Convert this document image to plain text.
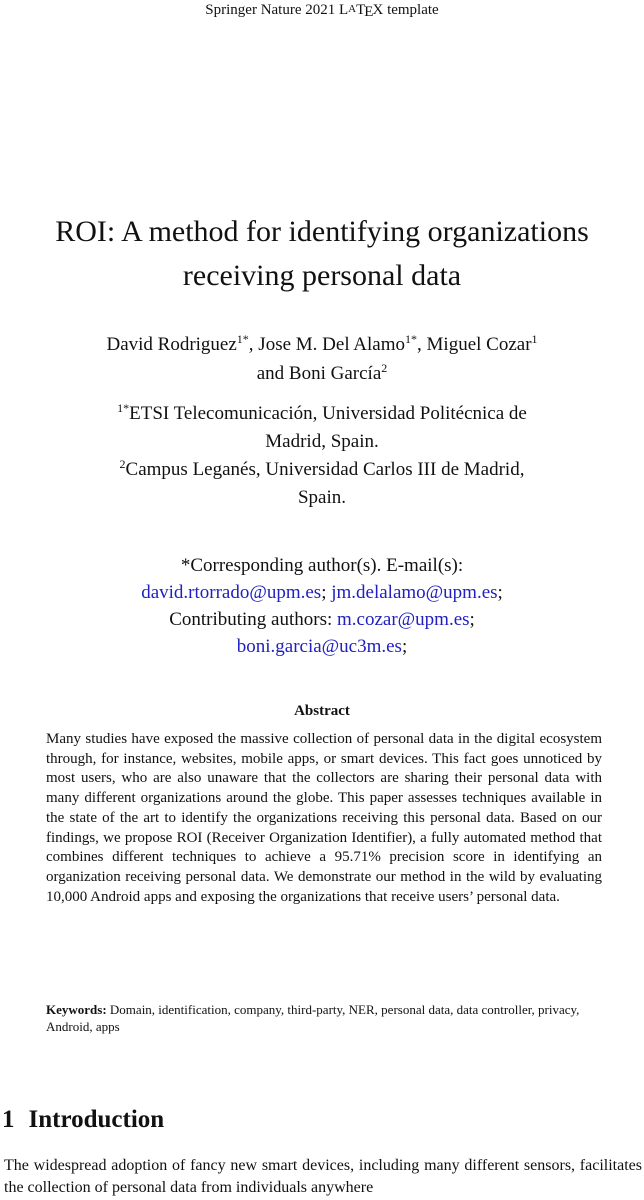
Springer Nature 2021 LATEX template
ROI: A method for identifying organizations
receiving personal data
David Rodriguez$^{1*}$, Jose M. Del Alamo$^{1*}$, Miguel Cozar$^1$
and Boni García$^2$
$^{1*}$ETSI Telecomunicación, Universidad Politécnica de
Madrid, Spain.
$^2$Campus Leganés, Universidad Carlos III de Madrid,
Spain.
*Corresponding author(s). E-mail(s):
david.rtorrado@upm.es; jm.delalamo@upm.es;
Contributing authors: m.cozar@upm.es;
boni.garcia@uc3m.es;
Abstract
Many studies have exposed the massive collection of personal data in the digital ecosystem through, for instance, websites, mobile apps, or smart devices. This fact goes unnoticed by most users, who are also unaware that the collectors are sharing their personal data with many different organizations around the globe. This paper assesses techniques available in the state of the art to identify the organizations receiving this personal data. Based on our findings, we propose ROI (Receiver Organization Identifier), a fully automated method that combines different techniques to achieve a 95.71% precision score in identifying an organization receiving personal data. We demonstrate our method in the wild by evaluating 10,000 Android apps and exposing the organizations that receive users’ personal data.
Keywords: Domain, identification, company, third-party, NER, personal data, data controller, privacy, Android, apps
1 Introduction
The widespread adoption of fancy new smart devices, including many different sensors, facilitates the collection of personal data from individuals anywhere
